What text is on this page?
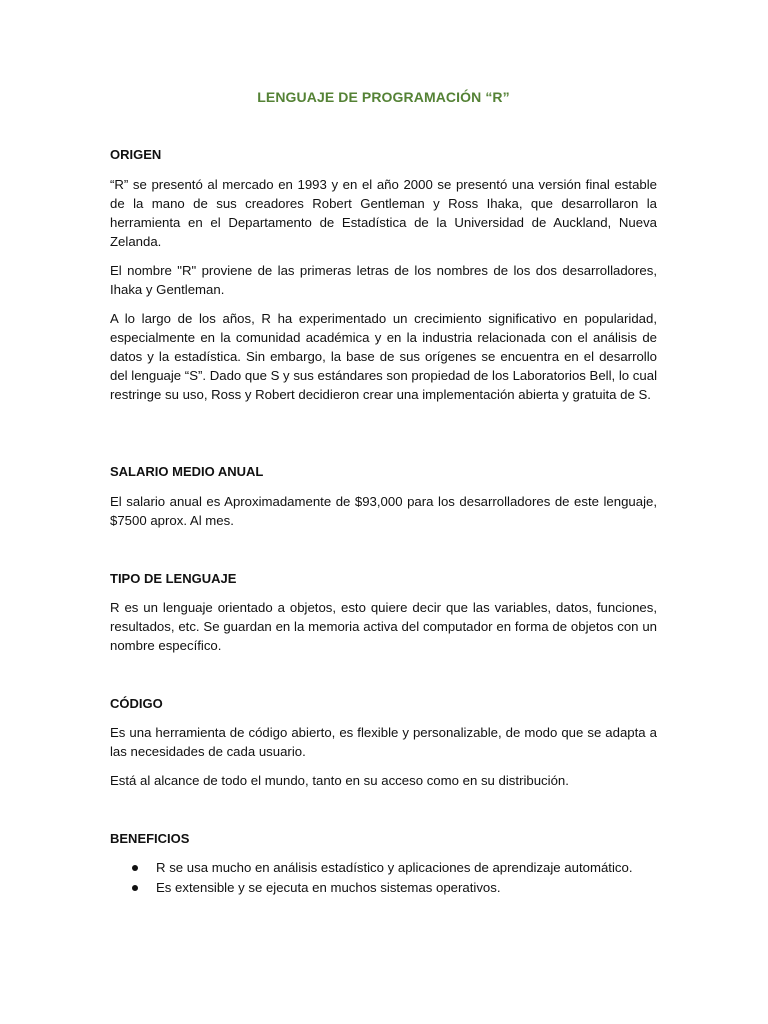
LENGUAJE DE PROGRAMACIÓN “R”
ORIGEN

“R” se presentó al mercado en 1993 y en el año 2000 se presentó una versión final estable de la mano de sus creadores Robert Gentleman y Ross Ihaka, que desarrollaron la herramienta en el Departamento de Estadística de la Universidad de Auckland, Nueva Zelanda.

El nombre "R" proviene de las primeras letras de los nombres de los dos desarrolladores, Ihaka y Gentleman.

A lo largo de los años, R ha experimentado un crecimiento significativo en popularidad, especialmente en la comunidad académica y en la industria relacionada con el análisis de datos y la estadística. Sin embargo, la base de sus orígenes se encuentra en el desarrollo del lenguaje “S”. Dado que S y sus estándares son propiedad de los Laboratorios Bell, lo cual restringe su uso, Ross y Robert decidieron crear una implementación abierta y gratuita de S.

SALARIO MEDIO ANUAL

El salario anual es Aproximadamente de $93,000 para los desarrolladores de este lenguaje, $7500 aprox. Al mes.

TIPO DE LENGUAJE

R es un lenguaje orientado a objetos, esto quiere decir que las variables, datos, funciones, resultados, etc. Se guardan en la memoria activa del computador en forma de objetos con un nombre específico.

CÓDIGO

Es una herramienta de código abierto, es flexible y personalizable, de modo que se adapta a las necesidades de cada usuario.

Está al alcance de todo el mundo, tanto en su acceso como en su distribución.

BENEFICIOS
R se usa mucho en análisis estadístico y aplicaciones de aprendizaje automático.
Es extensible y se ejecuta en muchos sistemas operativos.
